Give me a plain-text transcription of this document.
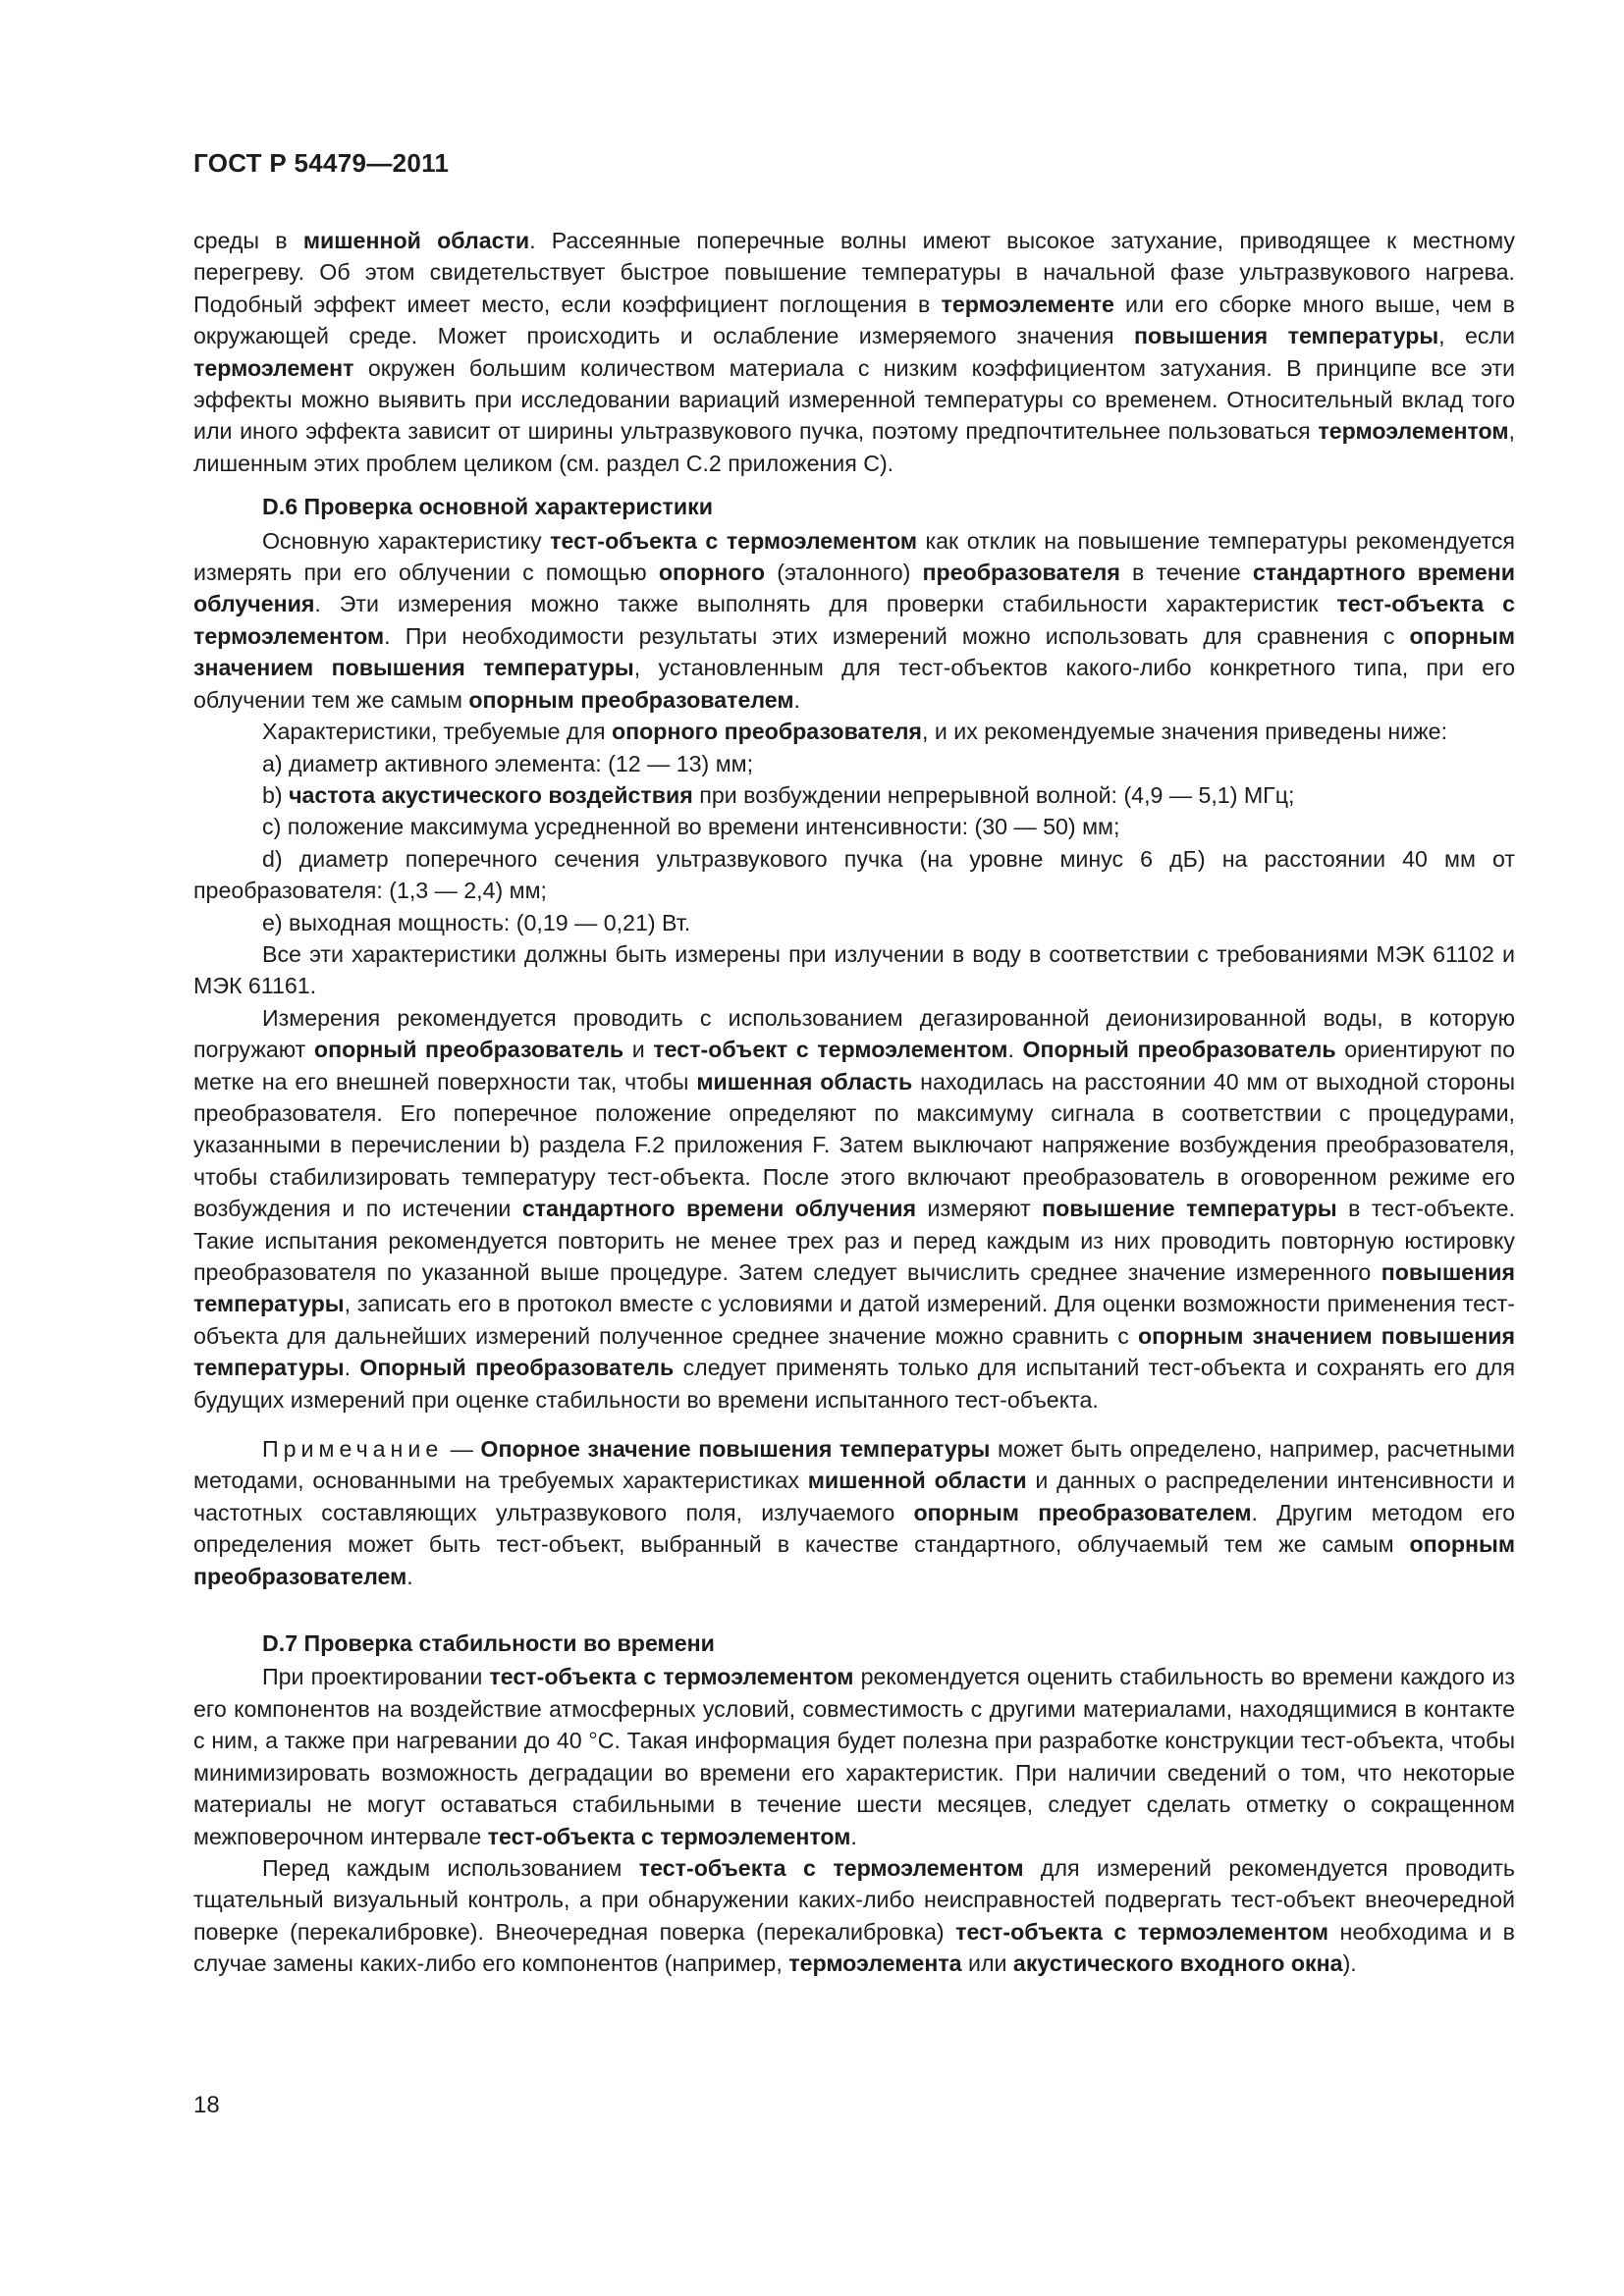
ГОСТ Р 54479—2011

среды в мишенной области. Рассеянные поперечные волны имеют высокое затухание, приводящее к местному перегреву. Об этом свидетельствует быстрое повышение температуры в начальной фазе ультразвукового нагрева. Подобный эффект имеет место, если коэффициент поглощения в термоэлементе или его сборке много выше, чем в окружающей среде. Может происходить и ослабление измеряемого значения повышения температуры, если термоэлемент окружен большим количеством материала с низким коэффициентом затухания. В принципе все эти эффекты можно выявить при исследовании вариаций измеренной температуры со временем. Относительный вклад того или иного эффекта зависит от ширины ультразвукового пучка, поэтому предпочтительнее пользоваться термоэлементом, лишенным этих проблем целиком (см. раздел С.2 приложения С).

D.6 Проверка основной характеристики

Основную характеристику тест-объекта с термоэлементом как отклик на повышение температуры рекомендуется измерять при его облучении с помощью опорного (эталонного) преобразователя в течение стандартного времени облучения. Эти измерения можно также выполнять для проверки стабильности характеристик тест-объекта с термоэлементом. При необходимости результаты этих измерений можно использовать для сравнения с опорным значением повышения температуры, установленным для тест-объектов какого-либо конкретного типа, при его облучении тем же самым опорным преобразователем.

Характеристики, требуемые для опорного преобразователя, и их рекомендуемые значения приведены ниже:

a) диаметр активного элемента: (12 — 13) мм;

b) частота акустического воздействия при возбуждении непрерывной волной: (4,9 — 5,1) МГц;

c) положение максимума усредненной во времени интенсивности: (30 — 50) мм;

d) диаметр поперечного сечения ультразвукового пучка (на уровне минус 6 дБ) на расстоянии 40 мм от преобразователя: (1,3 — 2,4) мм;

e) выходная мощность: (0,19 — 0,21) Вт.

Все эти характеристики должны быть измерены при излучении в воду в соответствии с требованиями МЭК 61102 и МЭК 61161.

Измерения рекомендуется проводить с использованием дегазированной деионизированной воды, в которую погружают опорный преобразователь и тест-объект с термоэлементом. Опорный преобразователь ориентируют по метке на его внешней поверхности так, чтобы мишенная область находилась на расстоянии 40 мм от выходной стороны преобразователя. Его поперечное положение определяют по максимуму сигнала в соответствии с процедурами, указанными в перечислении b) раздела F.2 приложения F. Затем выключают напряжение возбуждения преобразователя, чтобы стабилизировать температуру тест-объекта. После этого включают преобразователь в оговоренном режиме его возбуждения и по истечении стандартного времени облучения измеряют повышение температуры в тест-объекте. Такие испытания рекомендуется повторить не менее трех раз и перед каждым из них проводить повторную юстировку преобразователя по указанной выше процедуре. Затем следует вычислить среднее значение измеренного повышения температуры, записать его в протокол вместе с условиями и датой измерений. Для оценки возможности применения тест-объекта для дальнейших измерений полученное среднее значение можно сравнить с опорным значением повышения температуры. Опорный преобразователь следует применять только для испытаний тест-объекта и сохранять его для будущих измерений при оценке стабильности во времени испытанного тест-объекта.

Примечание — Опорное значение повышения температуры может быть определено, например, расчетными методами, основанными на требуемых характеристиках мишенной области и данных о распределении интенсивности и частотных составляющих ультразвукового поля, излучаемого опорным преобразователем. Другим методом его определения может быть тест-объект, выбранный в качестве стандартного, облучаемый тем же самым опорным преобразователем.

D.7 Проверка стабильности во времени

При проектировании тест-объекта с термоэлементом рекомендуется оценить стабильность во времени каждого из его компонентов на воздействие атмосферных условий, совместимость с другими материалами, находящимися в контакте с ним, а также при нагревании до 40 °С. Такая информация будет полезна при разработке конструкции тест-объекта, чтобы минимизировать возможность деградации во времени его характеристик. При наличии сведений о том, что некоторые материалы не могут оставаться стабильными в течение шести месяцев, следует сделать отметку о сокращенном межповерочном интервале тест-объекта с термоэлементом.

Перед каждым использованием тест-объекта с термоэлементом для измерений рекомендуется проводить тщательный визуальный контроль, а при обнаружении каких-либо неисправностей подвергать тест-объект внеочередной поверке (перекалибровке). Внеочередная поверка (перекалибровка) тест-объекта с термоэлементом необходима и в случае замены каких-либо его компонентов (например, термоэлемента или акустического входного окна).

18
